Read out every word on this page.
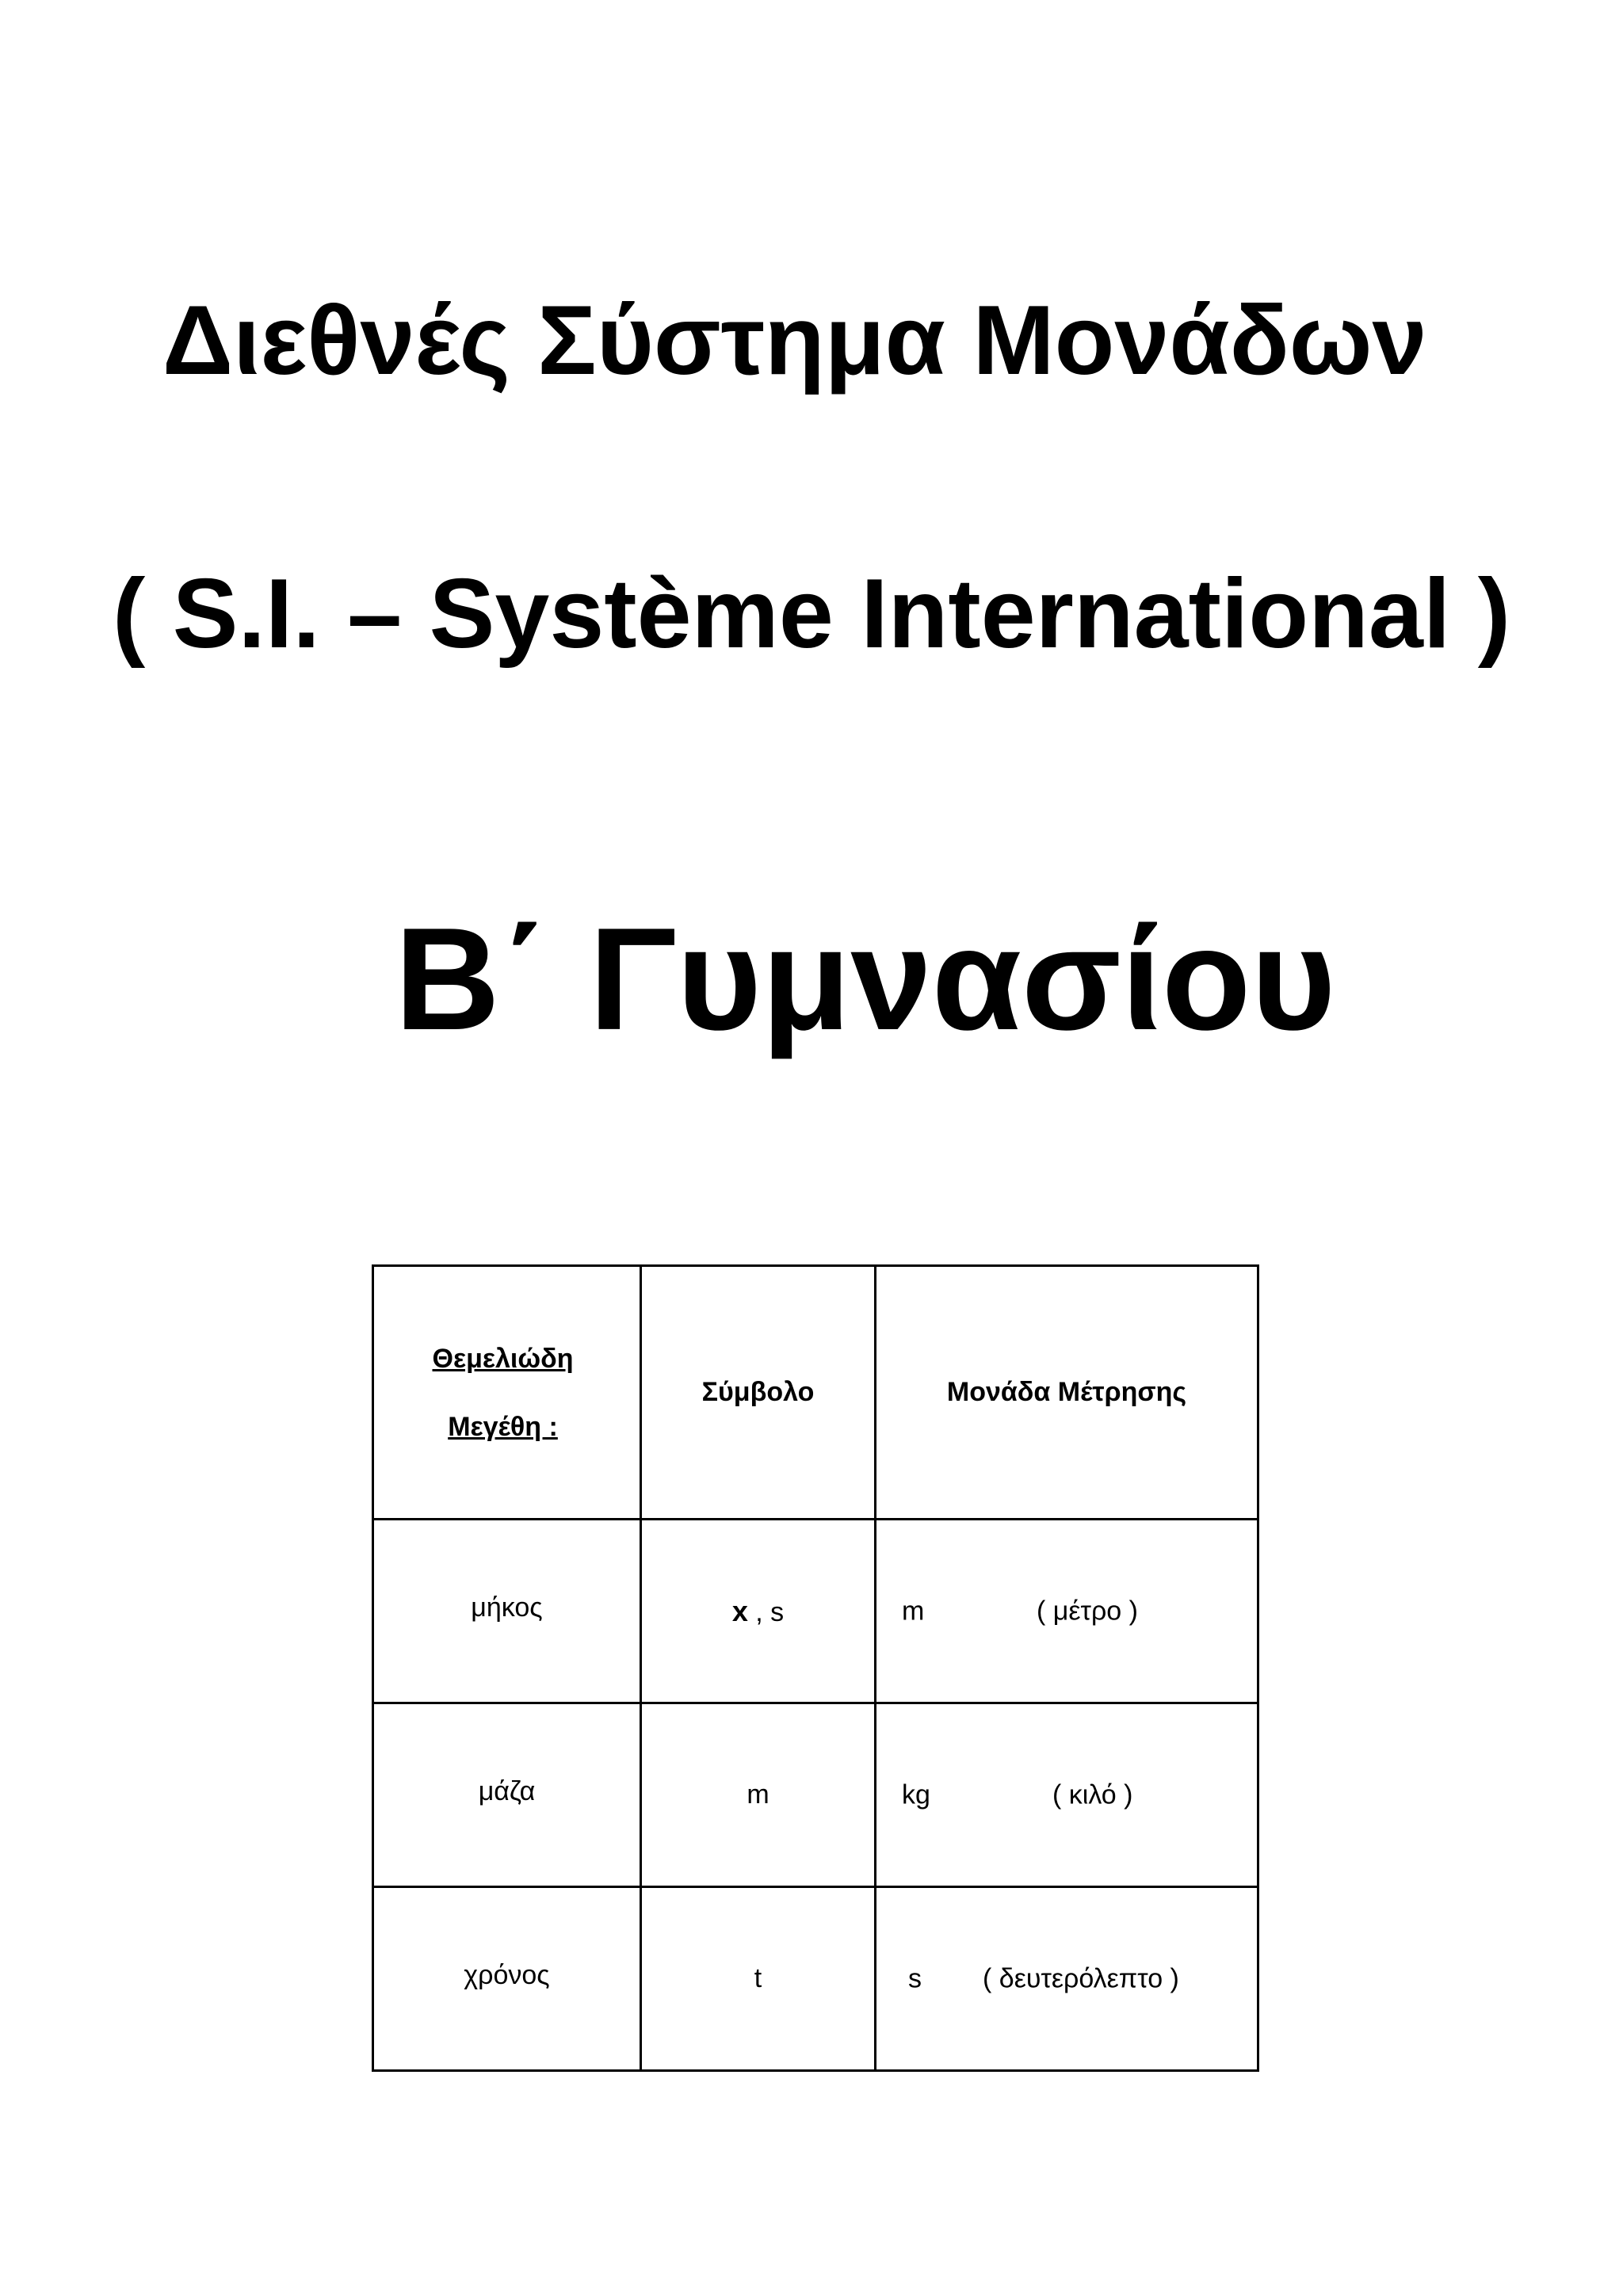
Διεθνές Σύστημα Μονάδων
( S.I. – Système International )
Β΄ Γυμνασίου
Θεμελιώδη
Μεγέθη :	Σύμβολο	Μονάδα Μέτρησης
μήκος	x , s	m ( μέτρο )

μάζα	m	kg ( κιλό )

χρόνος	t	s ( δευτερόλεπτο )
